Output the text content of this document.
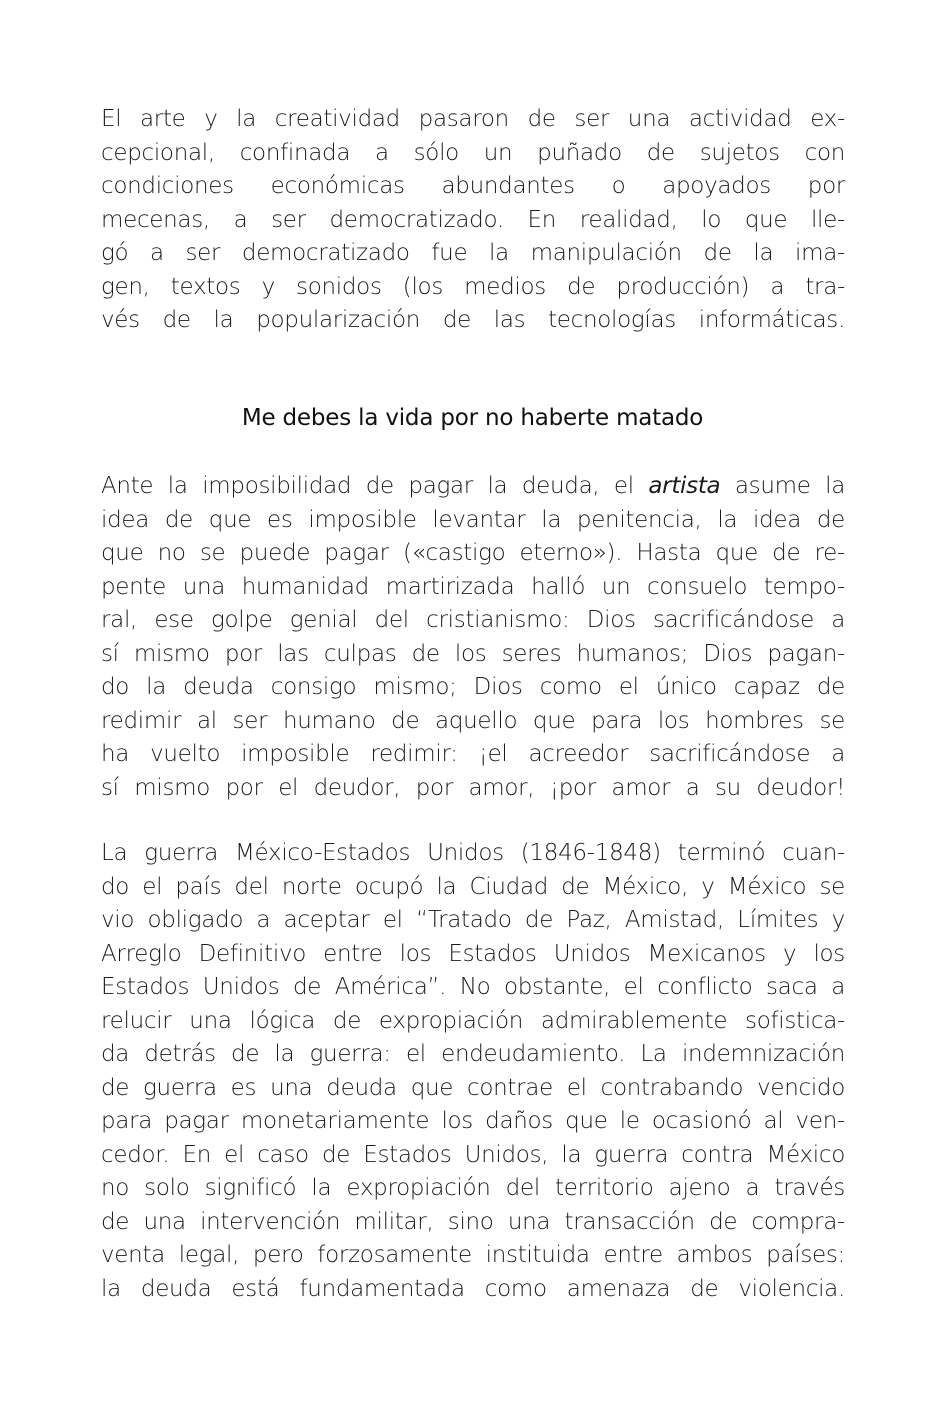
El arte y la creatividad pasaron de ser una actividad ex-
cepcional, confinada a sólo un puñado de sujetos con
condiciones económicas abundantes o apoyados por
mecenas, a ser democratizado. En realidad, lo que lle-
gó a ser democratizado fue la manipulación de la ima-
gen, textos y sonidos (los medios de producción) a tra-
vés de la popularización de las tecnologías informáticas.
Me debes la vida por no haberte matado
Ante la imposibilidad de pagar la deuda, el artista asume la
idea de que es imposible levantar la penitencia, la idea de
que no se puede pagar («castigo eterno»). Hasta que de re-
pente una humanidad martirizada halló un consuelo tempo-
ral, ese golpe genial del cristianismo: Dios sacrificándose a
sí mismo por las culpas de los seres humanos; Dios pagan-
do la deuda consigo mismo; Dios como el único capaz de
redimir al ser humano de aquello que para los hombres se
ha vuelto imposible redimir: ¡el acreedor sacrificándose a
sí mismo por el deudor, por amor, ¡por amor a su deudor!
La guerra México-Estados Unidos (1846-1848) terminó cuan-
do el país del norte ocupó la Ciudad de México, y México se
vio obligado a aceptar el “Tratado de Paz, Amistad, Límites y
Arreglo Definitivo entre los Estados Unidos Mexicanos y los
Estados Unidos de América”. No obstante, el conflicto saca a
relucir una lógica de expropiación admirablemente sofistica-
da detrás de la guerra: el endeudamiento. La indemnización
de guerra es una deuda que contrae el contrabando vencido
para pagar monetariamente los daños que le ocasionó al ven-
cedor. En el caso de Estados Unidos, la guerra contra México
no solo significó la expropiación del territorio ajeno a través
de una intervención militar, sino una transacción de compra-
venta legal, pero forzosamente instituida entre ambos países:
la deuda está fundamentada como amenaza de violencia.
